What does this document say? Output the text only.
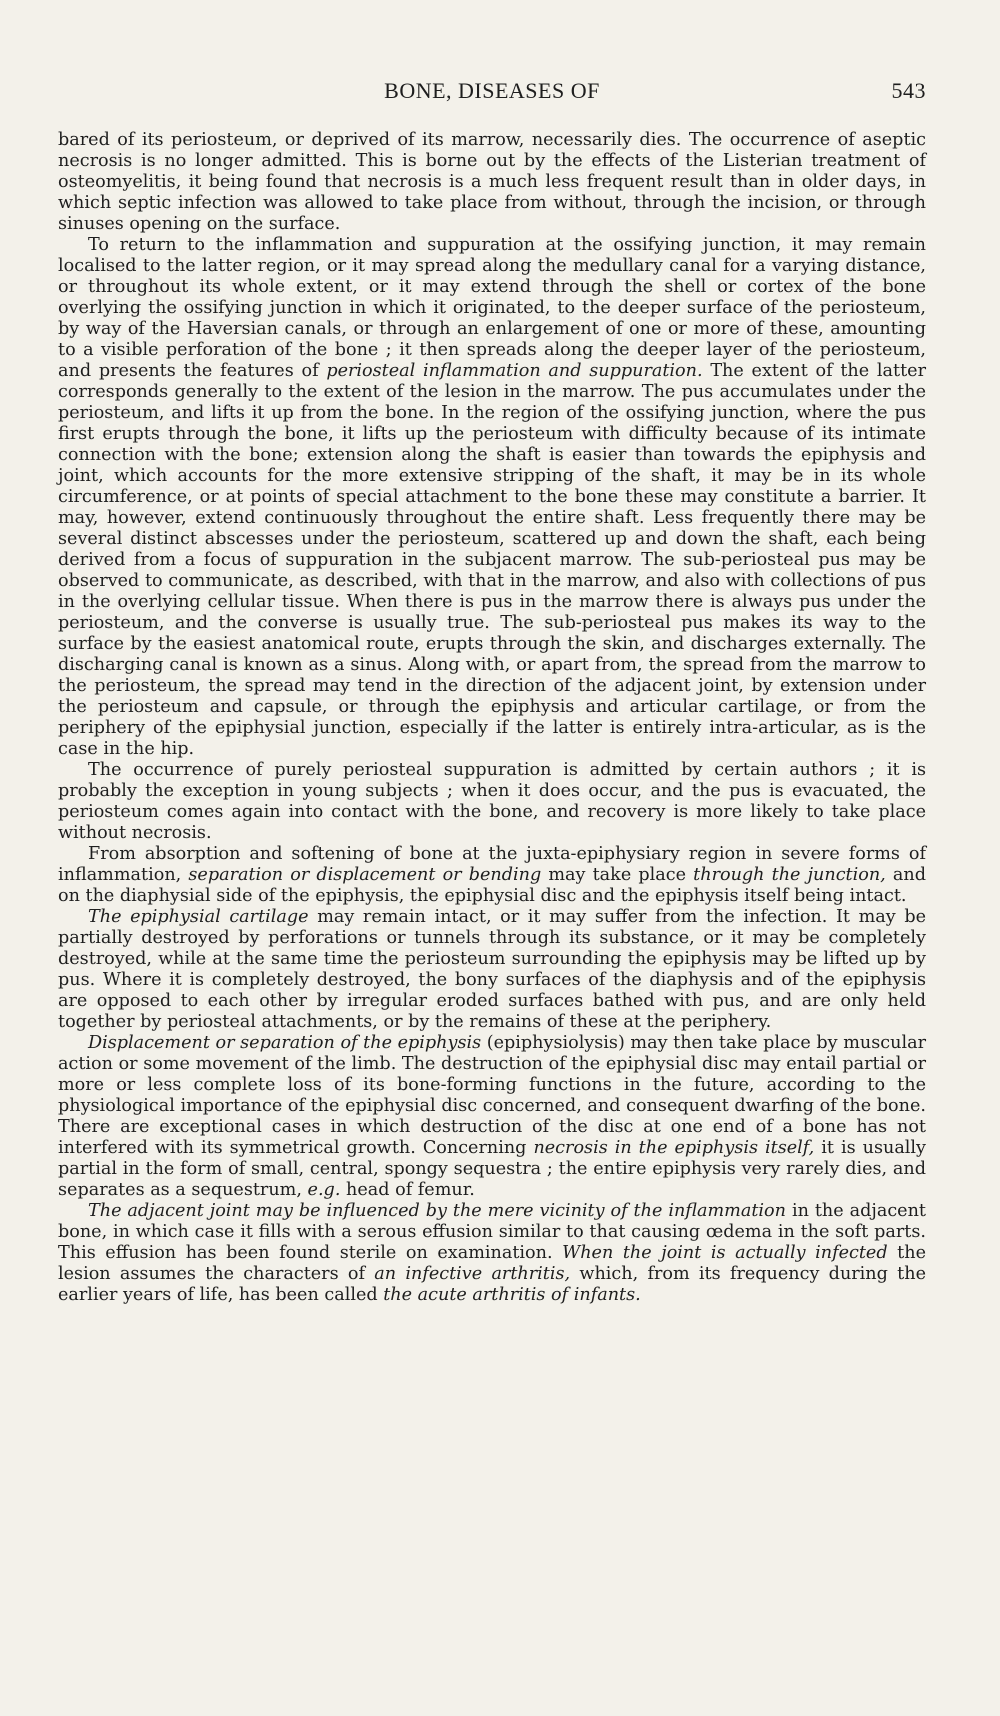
BONE, DISEASES OF	543

bared of its periosteum, or deprived of its marrow, necessarily dies. The occurrence of aseptic necrosis is no longer admitted. This is borne out by the effects of the Listerian treatment of osteomyelitis, it being found that necrosis is a much less frequent result than in older days, in which septic infection was allowed to take place from without, through the incision, or through sinuses opening on the surface.

To return to the inflammation and suppuration at the ossifying junction, it may remain localised to the latter region, or it may spread along the medullary canal for a varying distance, or throughout its whole extent, or it may extend through the shell or cortex of the bone overlying the ossifying junction in which it originated, to the deeper surface of the periosteum, by way of the Haversian canals, or through an enlargement of one or more of these, amounting to a visible perforation of the bone ; it then spreads along the deeper layer of the periosteum, and presents the features of periosteal inflammation and suppuration. The extent of the latter corresponds generally to the extent of the lesion in the marrow. The pus accumulates under the periosteum, and lifts it up from the bone. In the region of the ossifying junction, where the pus first erupts through the bone, it lifts up the periosteum with difficulty because of its intimate connection with the bone; extension along the shaft is easier than towards the epiphysis and joint, which accounts for the more extensive stripping of the shaft, it may be in its whole circumference, or at points of special attachment to the bone these may constitute a barrier. It may, however, extend continuously throughout the entire shaft. Less frequently there may be several distinct abscesses under the periosteum, scattered up and down the shaft, each being derived from a focus of suppuration in the subjacent marrow. The sub-periosteal pus may be observed to communicate, as described, with that in the marrow, and also with collections of pus in the overlying cellular tissue. When there is pus in the marrow there is always pus under the periosteum, and the converse is usually true. The sub-periosteal pus makes its way to the surface by the easiest anatomical route, erupts through the skin, and discharges externally. The discharging canal is known as a sinus. Along with, or apart from, the spread from the marrow to the periosteum, the spread may tend in the direction of the adjacent joint, by extension under the periosteum and capsule, or through the epiphysis and articular cartilage, or from the periphery of the epiphysial junction, especially if the latter is entirely intra-articular, as is the case in the hip.

The occurrence of purely periosteal suppuration is admitted by certain authors ; it is probably the exception in young subjects ; when it does occur, and the pus is evacuated, the periosteum comes again into contact with the bone, and recovery is more likely to take place without necrosis.

From absorption and softening of bone at the juxta-epiphysiary region in severe forms of inflammation, separation or displacement or bending may take place through the junction, and on the diaphysial side of the epiphysis, the epiphysial disc and the epiphysis itself being intact.

The epiphysial cartilage may remain intact, or it may suffer from the infection. It may be partially destroyed by perforations or tunnels through its substance, or it may be completely destroyed, while at the same time the periosteum surrounding the epiphysis may be lifted up by pus. Where it is completely destroyed, the bony surfaces of the diaphysis and of the epiphysis are opposed to each other by irregular eroded surfaces bathed with pus, and are only held together by periosteal attachments, or by the remains of these at the periphery.

Displacement or separation of the epiphysis (epiphysiolysis) may then take place by muscular action or some movement of the limb. The destruction of the epiphysial disc may entail partial or more or less complete loss of its bone-forming functions in the future, according to the physiological importance of the epiphysial disc concerned, and consequent dwarfing of the bone. There are exceptional cases in which destruction of the disc at one end of a bone has not interfered with its symmetrical growth. Concerning necrosis in the epiphysis itself, it is usually partial in the form of small, central, spongy sequestra ; the entire epiphysis very rarely dies, and separates as a sequestrum, e.g. head of femur.

The adjacent joint may be influenced by the mere vicinity of the inflammation in the adjacent bone, in which case it fills with a serous effusion similar to that causing œdema in the soft parts. This effusion has been found sterile on examination. When the joint is actually infected the lesion assumes the characters of an infective arthritis, which, from its frequency during the earlier years of life, has been called the acute arthritis of infants.
